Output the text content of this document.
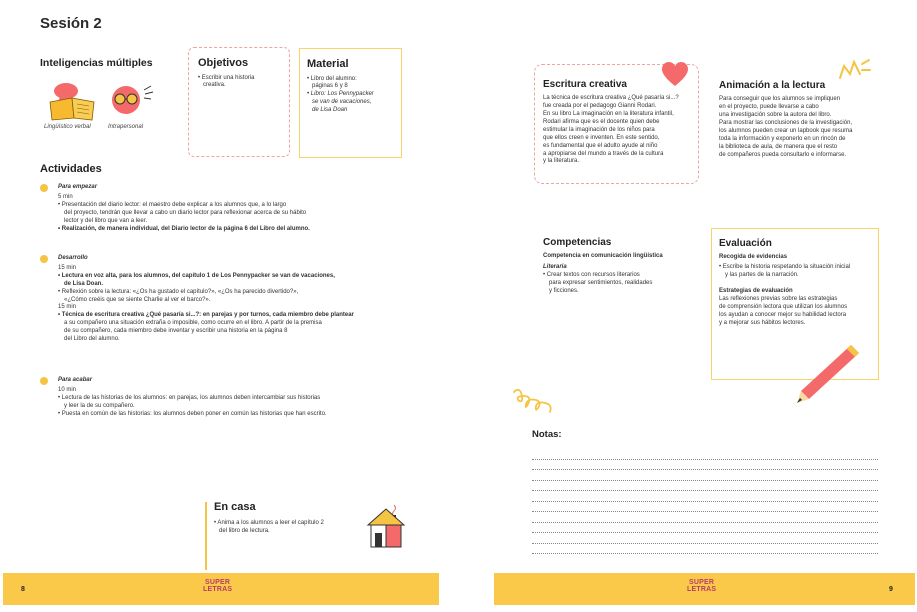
Sesión 2
Inteligencias múltiples
Lingüístico verbal	Intrapersonal
Objetivos
• Escribir una historia
creativa.
Material
• Libro del alumno:
páginas 6 y 8
• Libro: Los Pennypacker
se van de vacaciones,
de Lisa Doan
Actividades
Para empezar

5 min

• Presentación del diario lector: el maestro debe explicar a los alumnos que, a lo largo

del proyecto, tendrán que llevar a cabo un diario lector para reflexionar acerca de su hábito

lector y del libro que van a leer.

• Realización, de manera individual, del Diario lector de la página 6 del Libro del alumno.

Desarrollo

15 min

• Lectura en voz alta, para los alumnos, del capítulo 1 de Los Pennypacker se van de vacaciones,

de Lisa Doan.

• Reflexión sobre la lectura: «¿Os ha gustado el capítulo?», «¿Os ha parecido divertido?»,

«¿Cómo creéis que se siente Charlie al ver el barco?».

15 min

• Técnica de escritura creativa ¿Qué pasaría si...?: en parejas y por turnos, cada miembro debe plantear

a su compañero una situación extraña o imposible, como ocurre en el libro. A partir de la premisa

de su compañero, cada miembro debe inventar y escribir una historia en la página 8

del Libro del alumno.

Para acabar

10 min

• Lectura de las historias de los alumnos: en parejas, los alumnos deben intercambiar sus historias

y leer la de su compañero.

• Puesta en común de las historias: los alumnos deben poner en común las historias que han escrito.

En casa
• Anima a los alumnos a leer el capítulo 2
del libro de lectura.
8
SUPER
LETRAS
Escritura creativa

La técnica de escritura creativa ¿Qué pasaría si...?

fue creada por el pedagogo Gianni Rodari.

En su libro La imaginación en la literatura infantil,

Rodari afirma que es el docente quien debe

estimular la imaginación de los niños para

que ellos creen e inventen. En este sentido,

es fundamental que el adulto ayude al niño

a apropiarse del mundo a través de la cultura

y la literatura.

Animación a la lectura

Para conseguir que los alumnos se impliquen

en el proyecto, puede llevarse a cabo

una investigación sobre la autora del libro.

Para mostrar las conclusiones de la investigación,

los alumnos pueden crear un lapbook que resuma

toda la información y exponerlo en un rincón de

la biblioteca de aula, de manera que el resto

de compañeros pueda consultarlo e informarse.

Competencias

Competencia en comunicación lingüística

Literaria

• Crear textos con recursos literarios

para expresar sentimientos, realidades

y ficciones.

Evaluación

Recogida de evidencias

• Escribe la historia respetando la situación inicial

y las partes de la narración.

Estrategias de evaluación

Las reflexiones previas sobre las estrategias

de comprensión lectora que utilizan los alumnos

los ayudan a conocer mejor su habilidad lectora

y a mejorar sus hábitos lectores.

Notas:
SUPER
LETRAS	9
